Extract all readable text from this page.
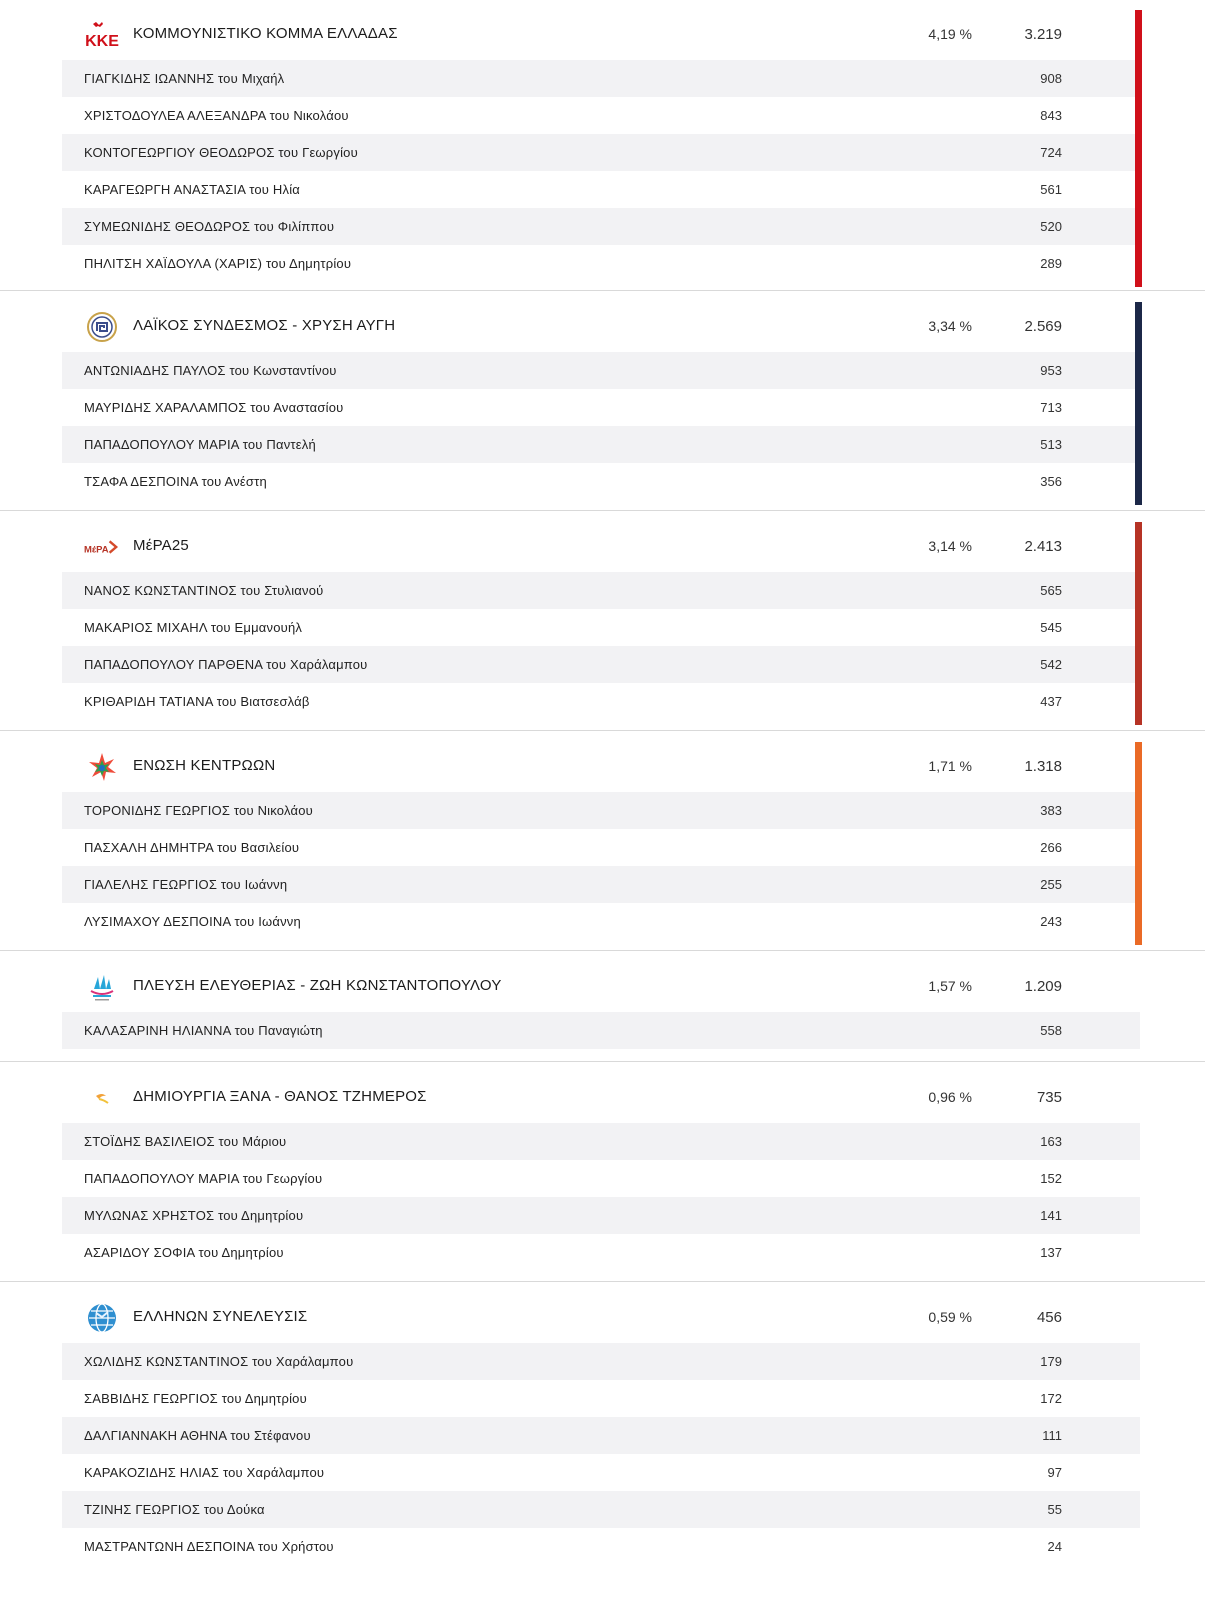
ΚΚΕ ΚΟΜΜΟΥΝΙΣΤΙΚΟ ΚΟΜΜΑ ΕΛΛΑΔΑΣ	4,19 %	3.219
ΓΙΑΓΚΙΔΗΣ ΙΩΑΝΝΗΣ του Μιχαήλ	908
ΧΡΙΣΤΟΔΟΥΛΕΑ ΑΛΕΞΑΝΔΡΑ του Νικολάου	843
ΚΟΝΤΟΓΕΩΡΓΙΟΥ ΘΕΟΔΩΡΟΣ του Γεωργίου	724
ΚΑΡΑΓΕΩΡΓΗ ΑΝΑΣΤΑΣΙΑ του Ηλία	561
ΣΥΜΕΩΝΙΔΗΣ ΘΕΟΔΩΡΟΣ του Φιλίππου	520
ΠΗΛΙΤΣΗ ΧΑΪΔΟΥΛΑ (ΧΑΡΙΣ) του Δημητρίου	289
ΛΑΪΚΟΣ ΣΥΝΔΕΣΜΟΣ - ΧΡΥΣΗ ΑΥΓΗ	3,34 %	2.569
ΑΝΤΩΝΙΑΔΗΣ ΠΑΥΛΟΣ του Κωνσταντίνου	953
ΜΑΥΡΙΔΗΣ ΧΑΡΑΛΑΜΠΟΣ του Αναστασίου	713
ΠΑΠΑΔΟΠΟΥΛΟΥ ΜΑΡΙΑ του Παντελή	513
ΤΣΑΦΑ ΔΕΣΠΟΙΝΑ του Ανέστη	356
ΜέΡΑ ΜέΡΑ25	3,14 %	2.413
ΝΑΝΟΣ ΚΩΝΣΤΑΝΤΙΝΟΣ του Στυλιανού	565
ΜΑΚΑΡΙΟΣ ΜΙΧΑΗΛ του Εμμανουήλ	545
ΠΑΠΑΔΟΠΟΥΛΟΥ ΠΑΡΘΕΝΑ του Χαράλαμπου	542
ΚΡΙΘΑΡΙΔΗ ΤΑΤΙΑΝΑ του Βιατσεσλάβ	437
ΕΝΩΣΗ ΚΕΝΤΡΩΩΝ	1,71 %	1.318
ΤΟΡΟΝΙΔΗΣ ΓΕΩΡΓΙΟΣ του Νικολάου	383
ΠΑΣΧΑΛΗ ΔΗΜΗΤΡΑ του Βασιλείου	266
ΓΙΑΛΕΛΗΣ ΓΕΩΡΓΙΟΣ του Ιωάννη	255
ΛΥΣΙΜΑΧΟΥ ΔΕΣΠΟΙΝΑ του Ιωάννη	243
ΠΛΕΥΣΗ ΕΛΕΥΘΕΡΙΑΣ - ΖΩΗ ΚΩΝΣΤΑΝΤΟΠΟΥΛΟΥ	1,57 %	1.209
ΚΑΛΑΣΑΡΙΝΗ ΗΛΙΑΝΝΑ του Παναγιώτη	558
ΔΗΜΙΟΥΡΓΙΑ ΞΑΝΑ - ΘΑΝΟΣ ΤΖΗΜΕΡΟΣ	0,96 %	735
ΣΤΟΪΔΗΣ ΒΑΣΙΛΕΙΟΣ του Μάριου	163
ΠΑΠΑΔΟΠΟΥΛΟΥ ΜΑΡΙΑ του Γεωργίου	152
ΜΥΛΩΝΑΣ ΧΡΗΣΤΟΣ του Δημητρίου	141
ΑΣΑΡΙΔΟΥ ΣΟΦΙΑ του Δημητρίου	137
ΕΛΛΗΝΩΝ ΣΥΝΕΛΕΥΣΙΣ	0,59 %	456
ΧΩΛΙΔΗΣ ΚΩΝΣΤΑΝΤΙΝΟΣ του Χαράλαμπου	179
ΣΑΒΒΙΔΗΣ ΓΕΩΡΓΙΟΣ του Δημητρίου	172
ΔΑΛΓΙΑΝΝΑΚΗ ΑΘΗΝΑ του Στέφανου	111
ΚΑΡΑΚΟΖΙΔΗΣ ΗΛΙΑΣ του Χαράλαμπου	97
ΤΖΙΝΗΣ ΓΕΩΡΓΙΟΣ του Δούκα	55
ΜΑΣΤΡΑΝΤΩΝΗ ΔΕΣΠΟΙΝΑ του Χρήστου	24
